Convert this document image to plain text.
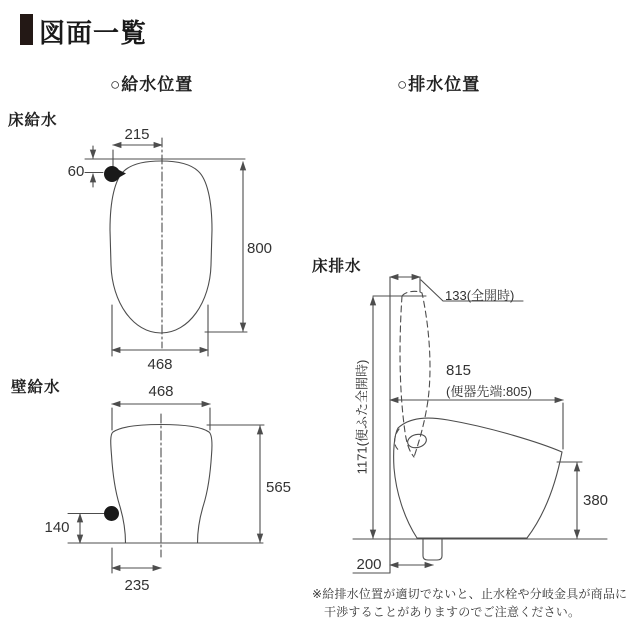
図面一覧
○給水位置	○排水位置
床給水
壁給水
床排水
215
60
800
468
468
565
140
235
133(全開時)
815
(便器先端:805)
1171(便ふた全開時)
380
200
※給排水位置が適切でないと、止水栓や分岐金具が商品に
干渉することがありますのでご注意ください。
